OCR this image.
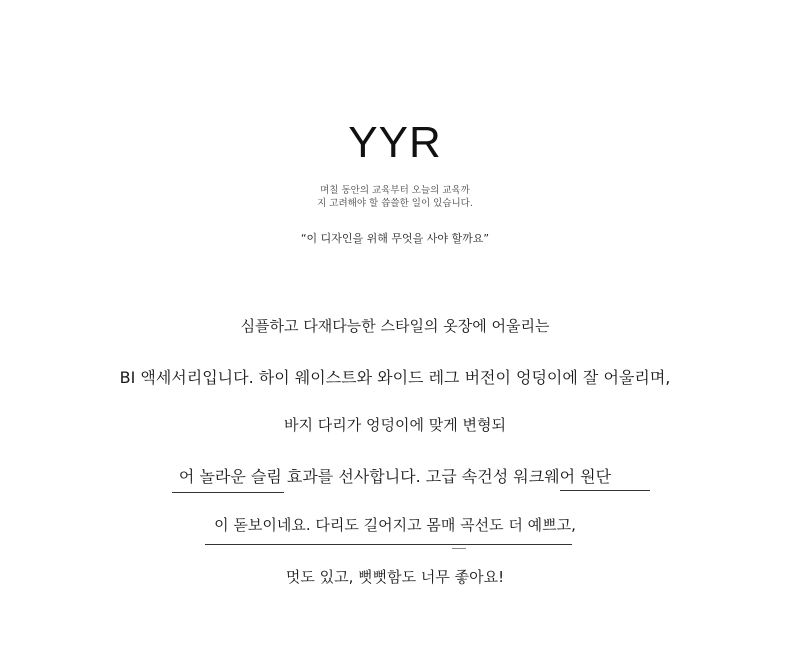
YYR
며칠 동안의 교육부터 오늘의 교육까
지 고려해야 할 씁쓸한 일이 있습니다.
“이 디자인을 위해 무엇을 사야 할까요”
심플하고 다재다능한 스타일의 옷장에 어울리는
BI 액세서리입니다. 하이 웨이스트와 와이드 레그 버전이 엉덩이에 잘 어울리며,
바지 다리가 엉덩이에 맞게 변형되
어 놀라운 슬림 효과를 선사합니다. 고급 속건성 워크웨어 원단
이 돋보이네요. 다리도 길어지고 몸매 곡선도 더 예쁘고,
멋도 있고, 뻣뻣함도 너무 좋아요!
